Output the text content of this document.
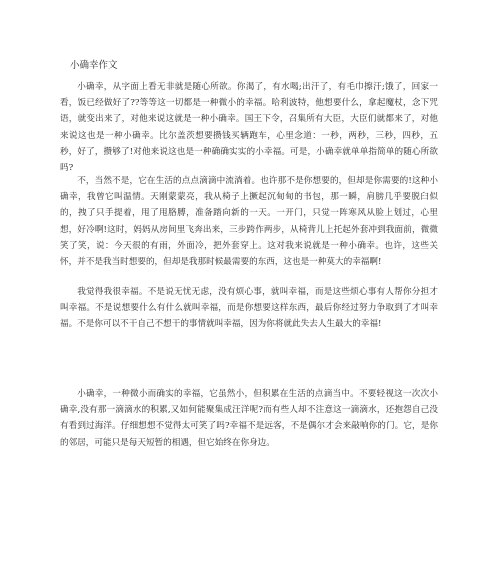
小确幸作文

小确幸，从字面上看无非就是随心所欲。你渴了，有水喝;出汗了，有毛巾擦汗;饿了，回家一看，饭已经做好了??等等这一切都是一种微小的幸福。哈利波特，他想要什么，拿起魔杖，念下咒语，就变出来了，对他来说这就是一种小确幸。国王下令，召集所有大臣，大臣们就都来了，对他来说这也是一种小确幸。比尔盖茨想要攒钱买辆跑车，心里念道：一秒，两秒，三秒，四秒，五秒，好了，攒够了!对他来说这也是一种确确实实的小幸福。可是，小确幸就单单指简单的随心所欲吗?

不，当然不是，它在生活的点点滴滴中流淌着。也许那不是你想要的，但却是你需要的!这种小确幸，我曾它叫温情。天刚蒙蒙亮，我从椅子上撅起沉甸甸的书包，那一瞬，肩膀几乎要脱臼似的，拽了只手提着，甩了甩胳膊，准备踏向新的一天。一开门，只觉一阵寒风从脸上划过，心里想，好冷啊!这时，妈妈从房间里飞奔出来，三步跨作两步，从椅背儿上托起外套冲到我面前，微微笑了笑，说：今天很的有雨，外面冷，把外套穿上。这对我来说就是一种小确幸。也许，这些关怀，并不是我当时想要的，但却是我那时候最需要的东西，这也是一种莫大的幸福啊!

我觉得我很幸福。不是说无忧无虑，没有烦心事，就叫幸福，而是这些烦心事有人帮你分担才叫幸福。不是说想要什么有什么就叫幸福，而是你想要这样东西，最后你经过努力争取到了才叫幸福。不是你可以不干自己不想干的事情就叫幸福，因为你将就此失去人生最大的幸福!

小确幸，一种微小而确实的幸福，它虽然小，但积累在生活的点滴当中。不要轻视这一次次小确幸,没有那一滴滴水的积累,又如何能聚集成汪洋呢?而有些人却不注意这一滴滴水，还抱怨自己没有看到过海洋。仔细想想不觉得太可笑了吗?幸福不是远客，不是偶尔才会来敲响你的门。它，是你的邻居，可能只是每天短暂的相遇，但它始终在你身边。
